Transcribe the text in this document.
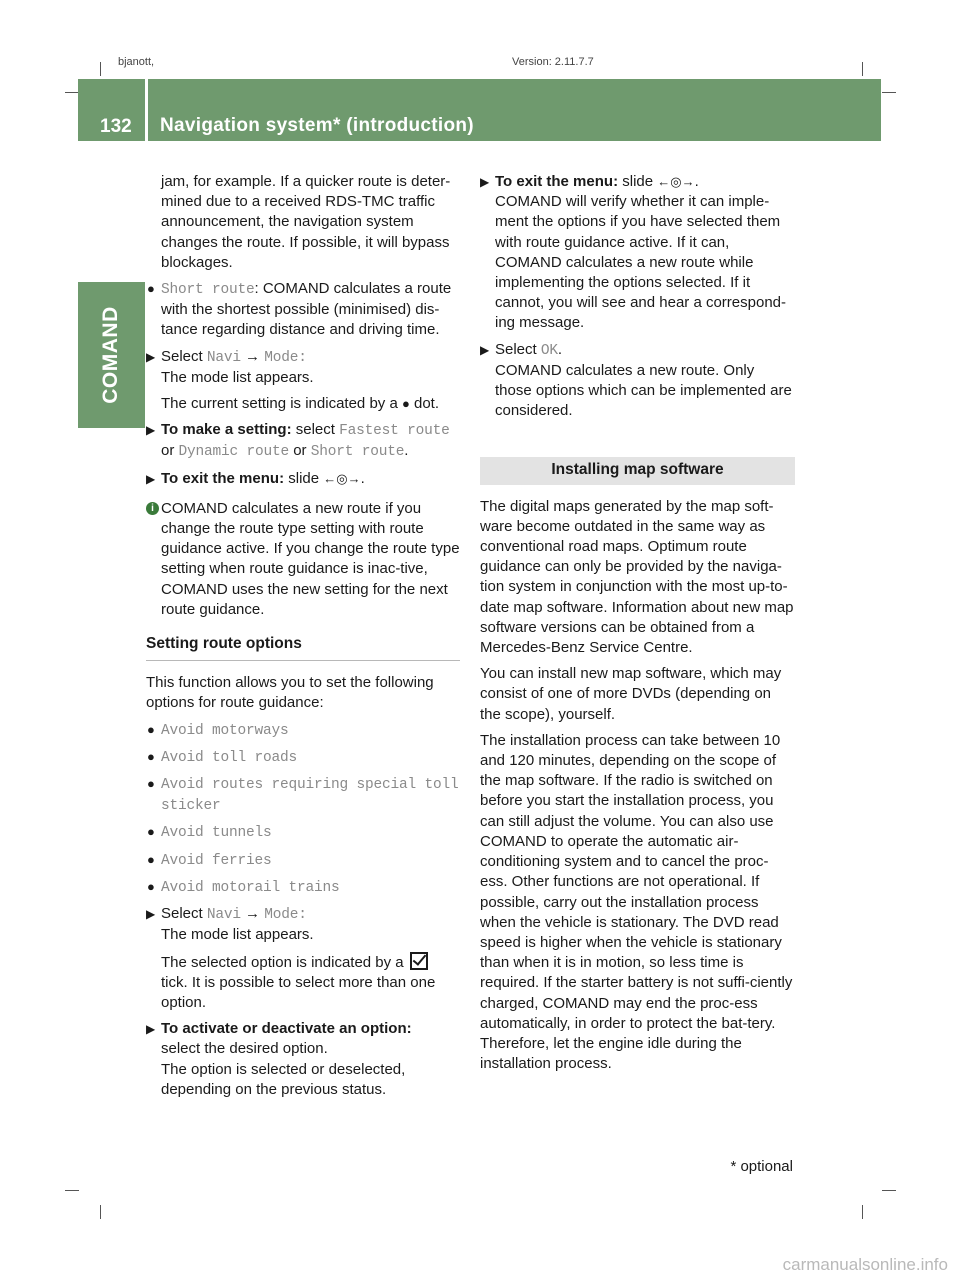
bjanott,	Version: 2.11.7.7
132 Navigation system* (introduction)
COMAND

jam, for example. If a quicker route is deter-mined due to a received RDS-TMC traffic announcement, the navigation system changes the route. If possible, it will bypass blockages.

● Short route: COMAND calculates a route with the shortest possible (minimised) dis-tance regarding distance and driving time.
▶ Select Navi → Mode:
The mode list appears.

The current setting is indicated by a ● dot.

▶ To make a setting: select Fastest route or Dynamic route or Short route.
▶ To exit the menu: slide ←◎→.
i COMAND calculates a new route if you change the route type setting with route guidance active. If you change the route type setting when route guidance is inac-tive, COMAND uses the new setting for the next route guidance.
Setting route options

This function allows you to set the following options for route guidance:

● Avoid motorways
● Avoid toll roads
● Avoid routes requiring special toll sticker
● Avoid tunnels
● Avoid ferries
● Avoid motorail trains
▶ Select Navi → Mode:
The mode list appears.

The selected option is indicated by a
tick. It is possible to select more than one option.

▶ To activate or deactivate an option:
select the desired option.
The option is selected or deselected, depending on the previous status.
▶ To exit the menu: slide ←◎→.
COMAND will verify whether it can imple-ment the options if you have selected them with route guidance active. If it can, COMAND calculates a new route while implementing the options selected. If it cannot, you will see and hear a correspond-ing message.
▶ Select OK.
COMAND calculates a new route. Only those options which can be implemented are considered.
Installing map software

The digital maps generated by the map soft-ware become outdated in the same way as conventional road maps. Optimum route guidance can only be provided by the naviga-tion system in conjunction with the most up-to-date map software. Information about new map software versions can be obtained from a Mercedes-Benz Service Centre.

You can install new map software, which may consist of one of more DVDs (depending on the scope), yourself.

The installation process can take between 10 and 120 minutes, depending on the scope of the map software. If the radio is switched on before you start the installation process, you can still adjust the volume. You can also use COMAND to operate the automatic air-conditioning system and to cancel the proc-ess. Other functions are not operational. If possible, carry out the installation process when the vehicle is stationary. The DVD read speed is higher when the vehicle is stationary than when it is in motion, so less time is required. If the starter battery is not suffi-ciently charged, COMAND may end the proc-ess automatically, in order to protect the bat-tery. Therefore, let the engine idle during the installation process.

* optional
carmanualsonline.info
